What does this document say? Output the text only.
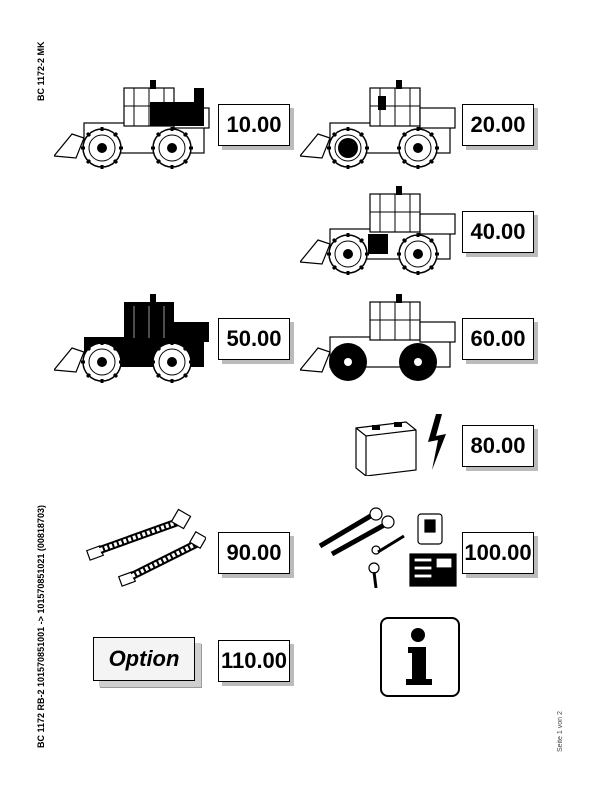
BC 1172-2 MK
BC 1172 RB-2 101570851001 -> 101570851021 (00818703)	Seite 1 von 2
10.00	20.00
40.00
50.00	60.00
80.00
90.00	100.00
Option	110.00
